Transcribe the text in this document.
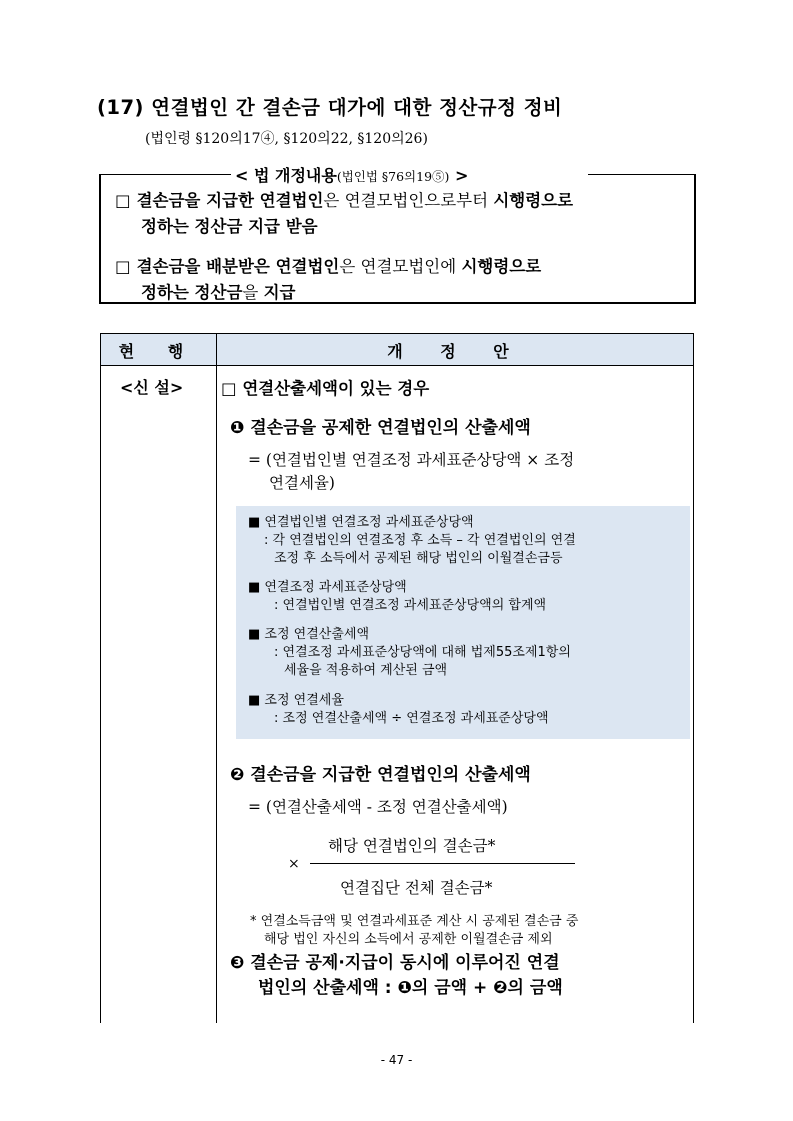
(17) 연결법인 간 결손금 대가에 대한 정산규정 정비
(법인령 §120의17④, §120의22, §120의26)
< 법 개정내용(법인법 §76의19⑤) >
□ 결손금을 지급한 연결법인은 연결모법인으로부터 시행령으로
정하는 정산금 지급 받음
□ 결손금을 배분받은 연결법인은 연결모법인에 시행령으로
정하는 정산금을 지급
현 행	개 정 안
<신 설> □ 연결산출세액이 있는 경우
❶ 결손금을 공제한 연결법인의 산출세액
= (연결법인별 연결조정 과세표준상당액 × 조정
연결세율)
■ 연결법인별 연결조정 과세표준상당액
: 각 연결법인의 연결조정 후 소득 – 각 연결법인의 연결
조정 후 소득에서 공제된 해당 법인의 이월결손금등
■ 연결조정 과세표준상당액
: 연결법인별 연결조정 과세표준상당액의 합계액
■ 조정 연결산출세액
: 연결조정 과세표준상당액에 대해 법제55조제1항의
세율을 적용하여 계산된 금액
■ 조정 연결세율
: 조정 연결산출세액 ÷ 연결조정 과세표준상당액
❷ 결손금을 지급한 연결법인의 산출세액
= (연결산출세액 - 조정 연결산출세액)
해당 연결법인의 결손금*
×
연결집단 전체 결손금*
* 연결소득금액 및 연결과세표준 계산 시 공제된 결손금 중
해당 법인 자신의 소득에서 공제한 이월결손금 제외
❸ 결손금 공제·지급이 동시에 이루어진 연결
법인의 산출세액 : ❶의 금액 + ❷의 금액
- 47 -
